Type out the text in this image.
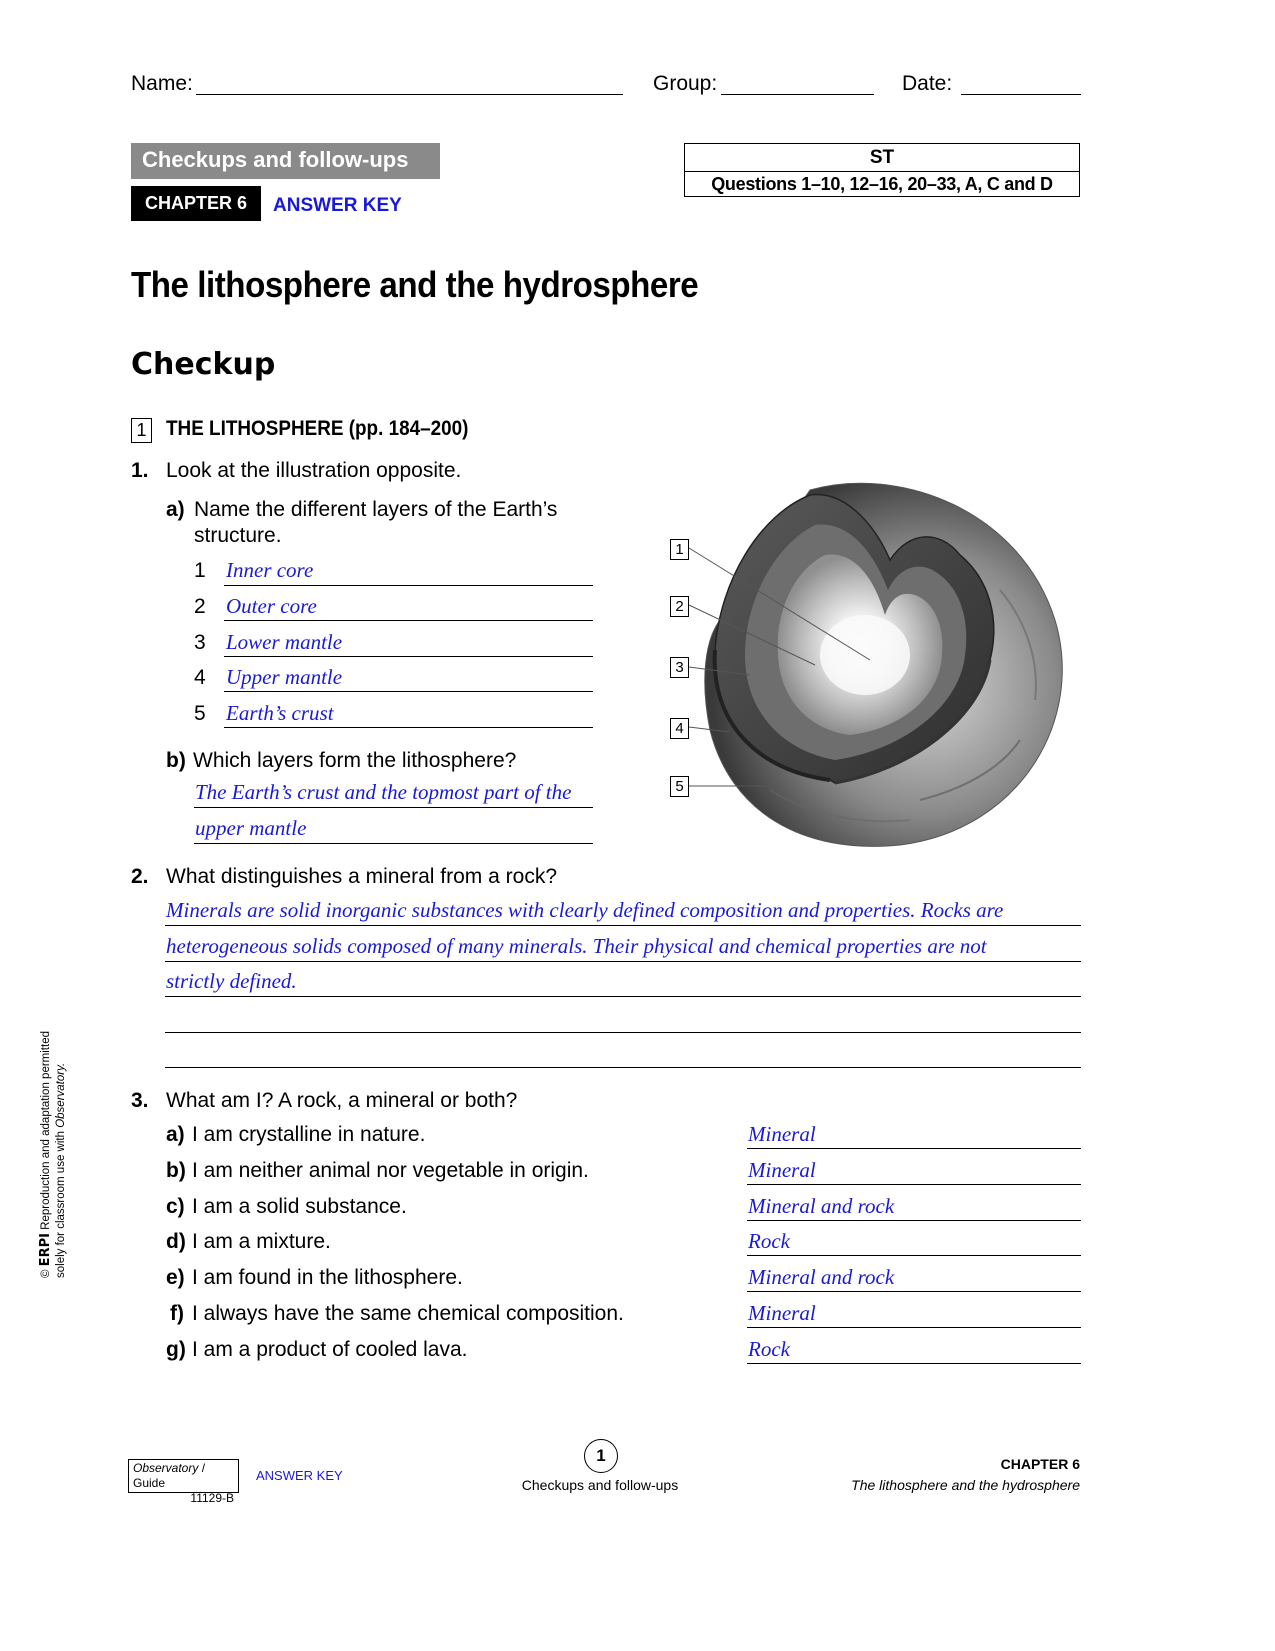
Name:	Group:	Date:
Checkups and follow-ups
CHAPTER 6	ANSWER KEY
ST
Questions 1–10, 12–16, 20–33, A, C and D
The lithosphere and the hydrosphere
Checkup
1 THE LITHOSPHERE (pp. 184–200)
1. Look at the illustration opposite.
a) Name the different layers of the Earth’s
structure.
1 Inner core
2 Outer core
3 Lower mantle
4 Upper mantle
5 Earth’s crust
b) Which layers form the lithosphere?
The Earth’s crust and the topmost part of the
upper mantle
1
2
3
4
5
2. What distinguishes a mineral from a rock?
Minerals are solid inorganic substances with clearly defined composition and properties. Rocks are
heterogeneous solids composed of many minerals. Their physical and chemical properties are not
strictly defined.
3. What am I? A rock, a mineral or both?
a) I am crystalline in nature.	Mineral
b) I am neither animal nor vegetable in origin.	Mineral
c) I am a solid substance.	Mineral and rock
d) I am a mixture.	Rock
e) I am found in the lithosphere.	Mineral and rock
f) I always have the same chemical composition.	Mineral
g) I am a product of cooled lava.	Rock
© ERPI Reproduction and adaptation permitted solely for classroom use with Observatory.
Observatory / Guide
11129-B
ANSWER KEY
1
Checkups and follow-ups
CHAPTER 6
The lithosphere and the hydrosphere
